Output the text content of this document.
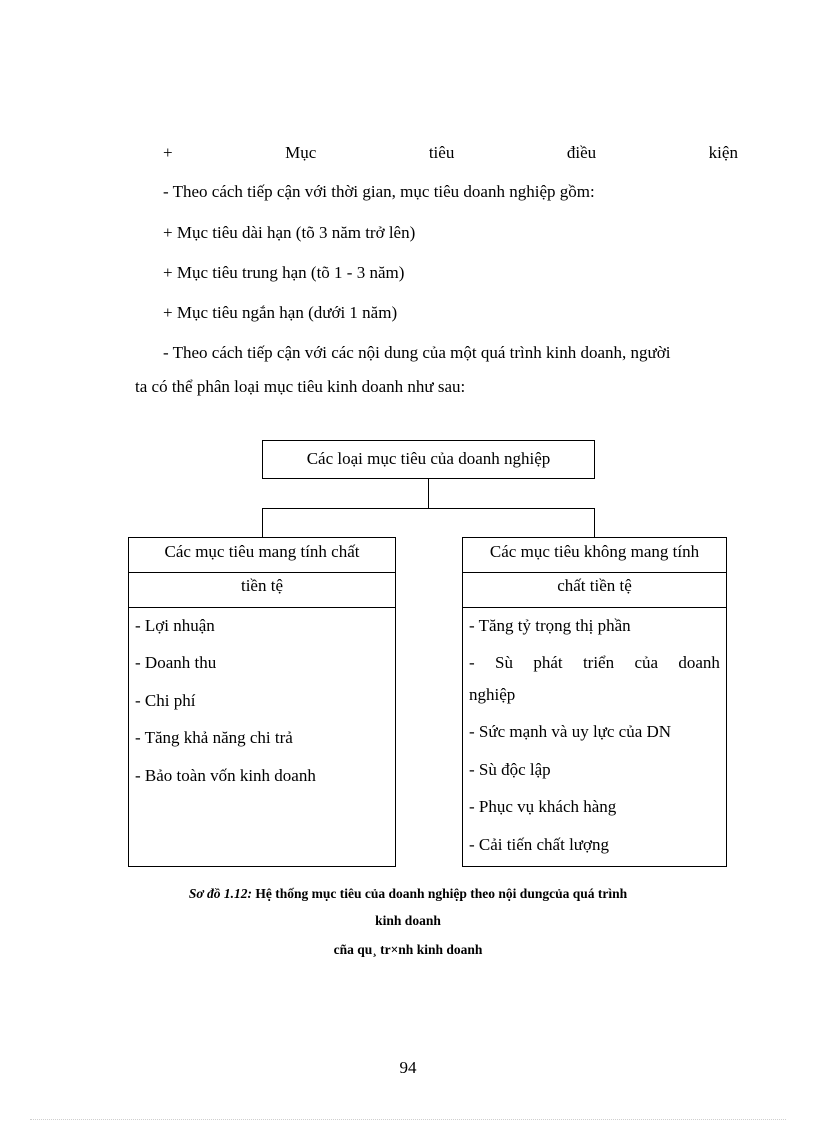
+	Mục	tiêu	điều	kiện
- Theo cách tiếp cận với thời gian, mục tiêu doanh nghiệp gồm:
+ Mục tiêu dài hạn (tõ 3 năm trở lên)
+ Mục tiêu trung hạn (tõ 1 - 3 năm)
+ Mục tiêu ngắn hạn (dưới 1 năm)
- Theo cách tiếp cận với các nội dung của một quá trình kinh doanh, người
ta có thể phân loại mục tiêu kinh doanh như sau:
Các loại mục tiêu của doanh nghiệp
Các mục tiêu mang tính chất
tiền tệ
- Lợi nhuận
- Doanh thu
- Chi phí
- Tăng khả năng chi trả
- Bảo toàn vốn kinh doanh
Các mục tiêu không mang tính
chất tiền tệ
- Tăng tỷ trọng thị phần
- Sù phát triển của doanh
nghiệp
- Sức mạnh và uy lực của DN
- Sù độc lập
- Phục vụ khách hàng
- Cải tiến chất lượng
Sơ đồ 1.12: Hệ thống mục tiêu của doanh nghiệp theo nội dungcủa quá trình
kinh doanh
cña qu¸ tr×nh kinh doanh
94
